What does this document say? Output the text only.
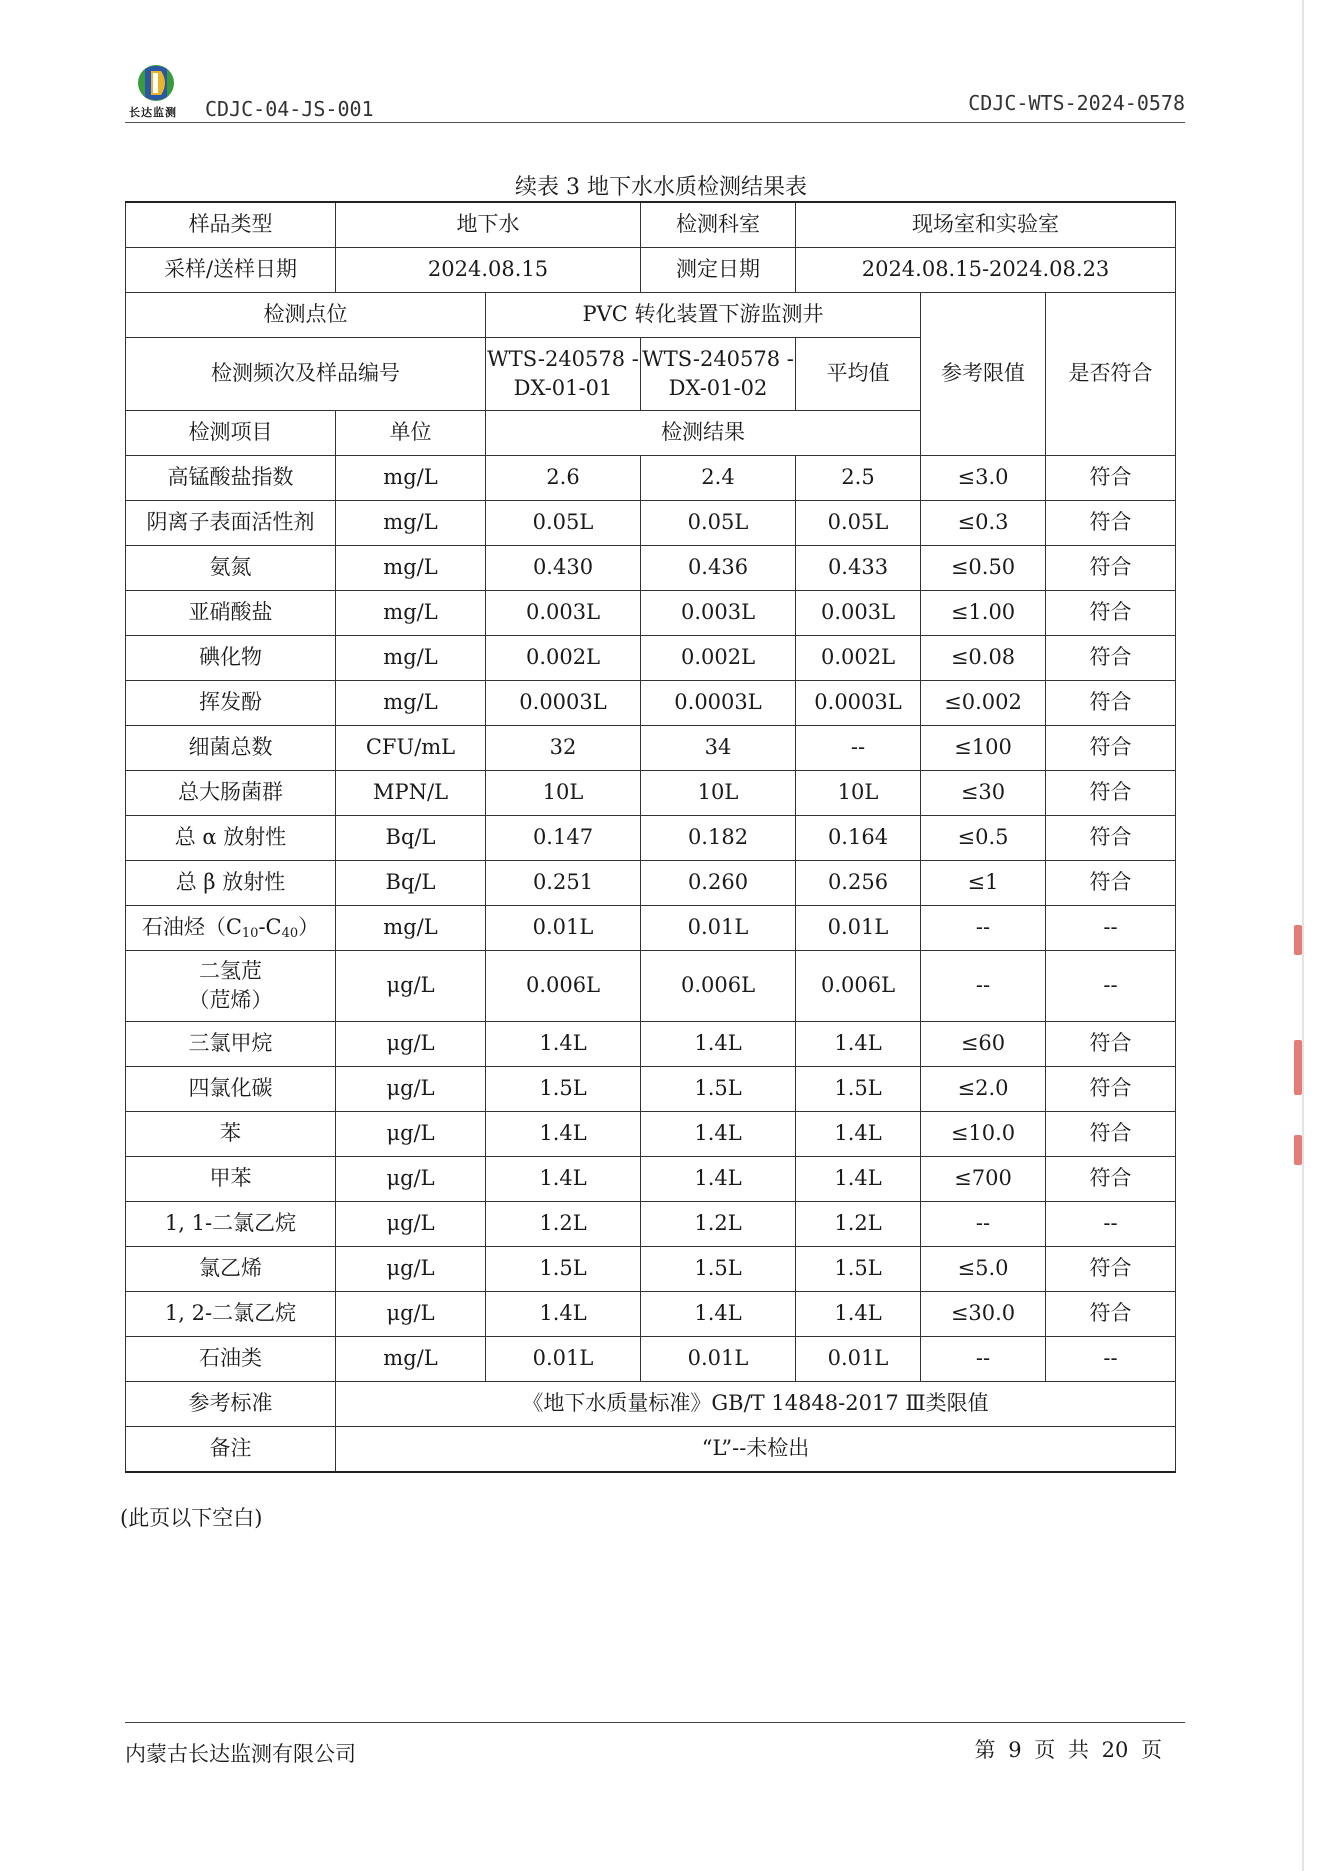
长达监测 CDJC-04-JS-001	CDJC-WTS-2024-0578
续表 3 地下水水质检测结果表
样品类型	地下水		检测科室	现场室和实验室		
采样/送样日期	2024.08.15		测定日期	2024.08.15-2024.08.23		
检测点位		PVC 转化装置下游监测井			参考限值	是否符合
检测频次及样品编号		WTS-240578 -DX-01-01	WTS-240578 -DX-01-02	平均值		
检测项目	单位	检测结果				
高锰酸盐指数	mg/L	2.6	2.4	2.5	≤3.0	符合
阴离子表面活性剂	mg/L	0.05L	0.05L	0.05L	≤0.3	符合
氨氮	mg/L	0.430	0.436	0.433	≤0.50	符合
亚硝酸盐	mg/L	0.003L	0.003L	0.003L	≤1.00	符合
碘化物	mg/L	0.002L	0.002L	0.002L	≤0.08	符合
挥发酚	mg/L	0.0003L	0.0003L	0.0003L	≤0.002	符合
细菌总数	CFU/mL	32	34	--	≤100	符合
总大肠菌群	MPN/L	10L	10L	10L	≤30	符合
总 α 放射性	Bq/L	0.147	0.182	0.164	≤0.5	符合
总 β 放射性	Bq/L	0.251	0.260	0.256	≤1	符合
石油烃$(C_{10}-C_{40})$	mg/L	0.01L	0.01L	0.01L	--	--

二氢苊
（苊烯）	μg/L	0.006L	0.006L	0.006L	--	--
三氯甲烷	μg/L	1.4L	1.4L	1.4L	≤60	符合
四氯化碳	μg/L	1.5L	1.5L	1.5L	≤2.0	符合
苯	μg/L	1.4L	1.4L	1.4L	≤10.0	符合
甲苯	μg/L	1.4L	1.4L	1.4L	≤700	符合
1, 1-二氯乙烷	μg/L	1.2L	1.2L	1.2L	--	--
氯乙烯	μg/L	1.5L	1.5L	1.5L	≤5.0	符合
1, 2-二氯乙烷	μg/L	1.4L	1.4L	1.4L	≤30.0	符合
石油类	mg/L	0.01L	0.01L	0.01L	--	--
参考标准	《地下水质量标准》GB/T 14848-2017 Ⅲ类限值					
备注	“L”--未检出					
(此页以下空白)
内蒙古长达监测有限公司	第 9 页 共 20 页
